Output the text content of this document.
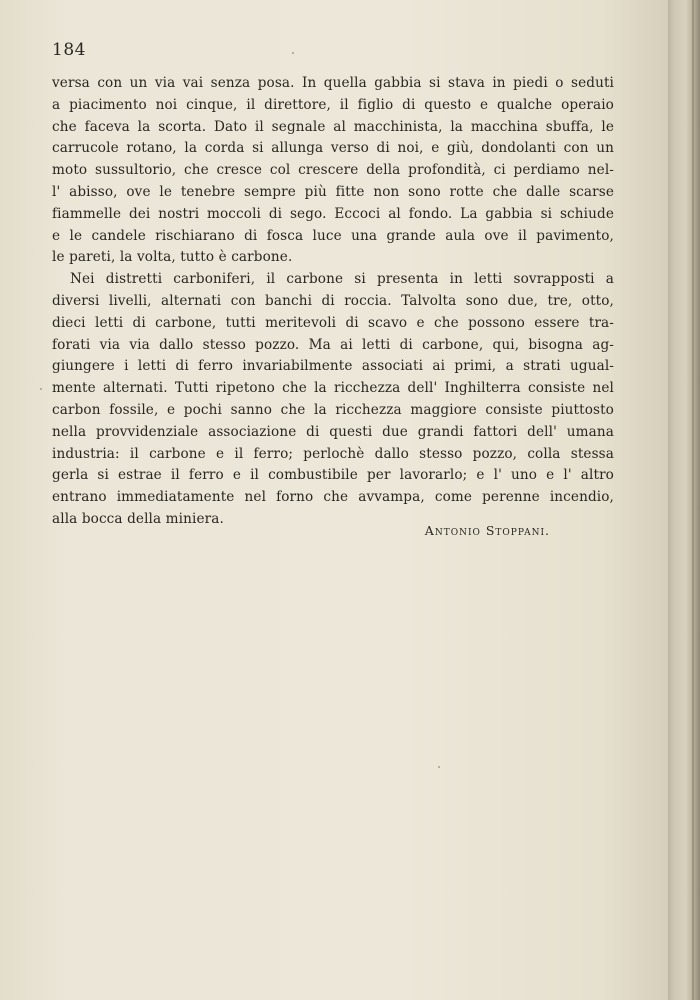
184

versa con un via vai senza posa. In quella gabbia si stava in piedi o seduti
a piacimento noi cinque, il direttore, il figlio di questo e qualche operaio
che faceva la scorta. Dato il segnale al macchinista, la macchina sbuffa, le
carrucole rotano, la corda si allunga verso di noi, e giù, dondolanti con un
moto sussultorio, che cresce col crescere della profondità, ci perdiamo nel-
l' abisso, ove le tenebre sempre più fitte non sono rotte che dalle scarse
fiammelle dei nostri moccoli di sego. Eccoci al fondo. La gabbia si schiude
e le candele rischiarano di fosca luce una grande aula ove il pavimento,
le pareti, la volta, tutto è carbone.

Nei distretti carboniferi, il carbone si presenta in letti sovrapposti a
diversi livelli, alternati con banchi di roccia. Talvolta sono due, tre, otto,
dieci letti di carbone, tutti meritevoli di scavo e che possono essere tra-
forati via via dallo stesso pozzo. Ma ai letti di carbone, qui, bisogna ag-
giungere i letti di ferro invariabilmente associati ai primi, a strati ugual-
mente alternati. Tutti ripetono che la ricchezza dell' Inghilterra consiste nel
carbon fossile, e pochi sanno che la ricchezza maggiore consiste piuttosto
nella provvidenziale associazione di questi due grandi fattori dell' umana
industria: il carbone e il ferro; perlochè dallo stesso pozzo, colla stessa
gerla si estrae il ferro e il combustibile per lavorarlo; e l' uno e l' altro
entrano immediatamente nel forno che avvampa, come perenne incendio,
alla bocca della miniera.

Antonio Stoppani.
